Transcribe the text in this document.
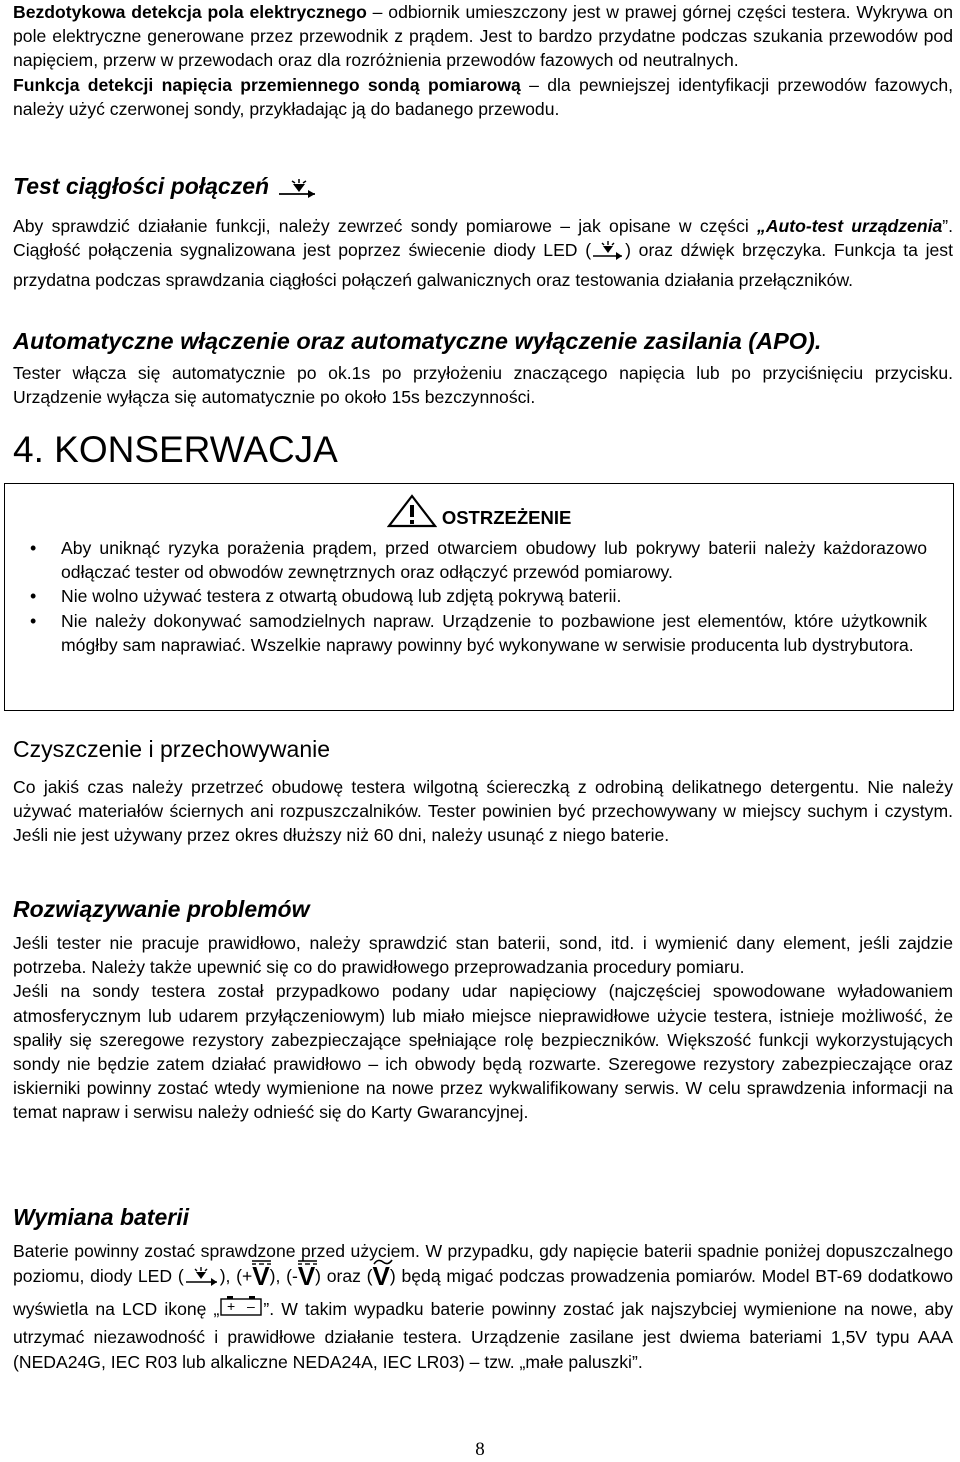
Bezdotykowa detekcja pola elektrycznego – odbiornik umieszczony jest w prawej górnej części testera. Wykrywa on pole elektryczne generowane przez przewodnik z prądem. Jest to bardzo przydatne podczas szukania przewodów pod napięciem, przerw w przewodach oraz dla rozróżnienia przewodów fazowych od neutralnych.

Funkcja detekcji napięcia przemiennego sondą pomiarową – dla pewniejszej identyfikacji przewodów fazowych, należy użyć czerwonej sondy, przykładając ją do badanego przewodu.

Test ciągłości połączeń

Aby sprawdzić działanie funkcji, należy zewrzeć sondy pomiarowe – jak opisane w części „Auto-test urządzenia”. Ciągłość połączenia sygnalizowana jest poprzez świecenie diody LED ( ) oraz dźwięk brzęczyka. Funkcja ta jest przydatna podczas sprawdzania ciągłości połączeń galwanicznych oraz testowania działania przełączników.

Automatyczne włączenie oraz automatyczne wyłączenie zasilania (APO).

Tester włącza się automatycznie po ok.1s po przyłożeniu znaczącego napięcia lub po przyciśnięciu przycisku. Urządzenie wyłącza się automatycznie po około 15s bezczynności.

4. KONSERWACJA
OSTRZEŻENIE
• Aby uniknąć ryzyka porażenia prądem, przed otwarciem obudowy lub pokrywy baterii należy każdorazowo odłączać tester od obwodów zewnętrznych oraz odłączyć przewód pomiarowy.
• Nie wolno używać testera z otwartą obudową lub zdjętą pokrywą baterii.
• Nie należy dokonywać samodzielnych napraw. Urządzenie to pozbawione jest elementów, które użytkownik mógłby sam naprawiać. Wszelkie naprawy powinny być wykonywane w serwisie producenta lub dystrybutora.
Czyszczenie i przechowywanie

Co jakiś czas należy przetrzeć obudowę testera wilgotną ściereczką z odrobiną delikatnego detergentu. Nie należy używać materiałów ściernych ani rozpuszczalników. Tester powinien być przechowywany w miejscy suchym i czystym. Jeśli nie jest używany przez okres dłuższy niż 60 dni, należy usunąć z niego baterie.

Rozwiązywanie problemów

Jeśli tester nie pracuje prawidłowo, należy sprawdzić stan baterii, sond, itd. i wymienić dany element, jeśli zajdzie potrzeba. Należy także upewnić się co do prawidłowego przeprowadzania procedury pomiaru.

Jeśli na sondy testera został przypadkowo podany udar napięciowy (najczęściej spowodowane wyładowaniem atmosferycznym lub udarem przyłączeniowym) lub miało miejsce nieprawidłowe użycie testera, istnieje możliwość, że spaliły się szeregowe rezystory zabezpieczające spełniające rolę bezpieczników. Większość funkcji wykorzystujących sondy nie będzie zatem działać prawidłowo – ich obwody będą rozwarte. Szeregowe rezystory zabezpieczające oraz iskierniki powinny zostać wtedy wymienione na nowe przez wykwalifikowany serwis. W celu sprawdzenia informacji na temat napraw i serwisu należy odnieść się do Karty Gwarancyjnej.

Wymiana baterii

Baterie powinny zostać sprawdzone przed użyciem. W przypadku, gdy napięcie baterii spadnie poniżej dopuszczalnego poziomu, diody LED ( ), (+V
), (-V
) oraz (V
) będą migać podczas prowadzenia pomiarów. Model BT-69 dodatkowo wyświetla na LCD ikonę „ + – ”. W takim wypadku baterie powinny zostać jak najszybciej wymienione na nowe, aby utrzymać niezawodność i prawidłowe działanie testera. Urządzenie zasilane jest dwiema bateriami 1,5V typu AAA (NEDA24G, IEC R03 lub alkaliczne NEDA24A, IEC LR03) – tzw. „małe paluszki”.

8
